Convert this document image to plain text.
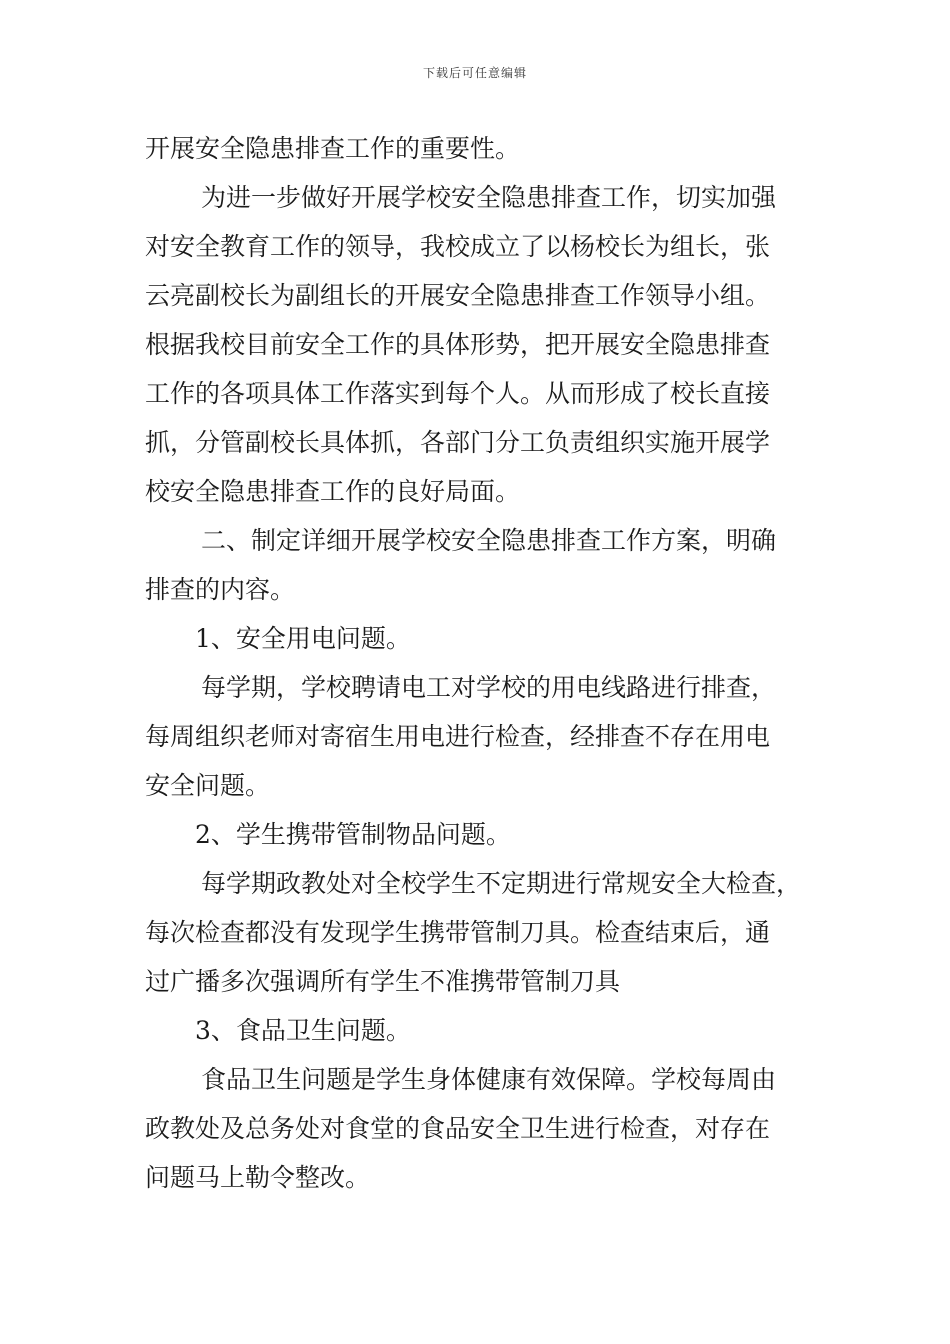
下载后可任意编辑
开展安全隐患排查工作的重要性。
为进一步做好开展学校安全隐患排查工作，切实加强
对安全教育工作的领导，我校成立了以杨校长为组长，张
云亮副校长为副组长的开展安全隐患排查工作领导小组。
根据我校目前安全工作的具体形势，把开展安全隐患排查
工作的各项具体工作落实到每个人。从而形成了校长直接
抓，分管副校长具体抓，各部门分工负责组织实施开展学
校安全隐患排查工作的良好局面。
二、制定详细开展学校安全隐患排查工作方案，明确
排查的内容。
1、安全用电问题。
每学期，学校聘请电工对学校的用电线路进行排查，
每周组织老师对寄宿生用电进行检查，经排查不存在用电
安全问题。
2、学生携带管制物品问题。
每学期政教处对全校学生不定期进行常规安全大检查，
每次检查都没有发现学生携带管制刀具。检查结束后，通
过广播多次强调所有学生不准携带管制刀具
3、食品卫生问题。
食品卫生问题是学生身体健康有效保障。学校每周由
政教处及总务处对食堂的食品安全卫生进行检查，对存在
问题马上勒令整改。
